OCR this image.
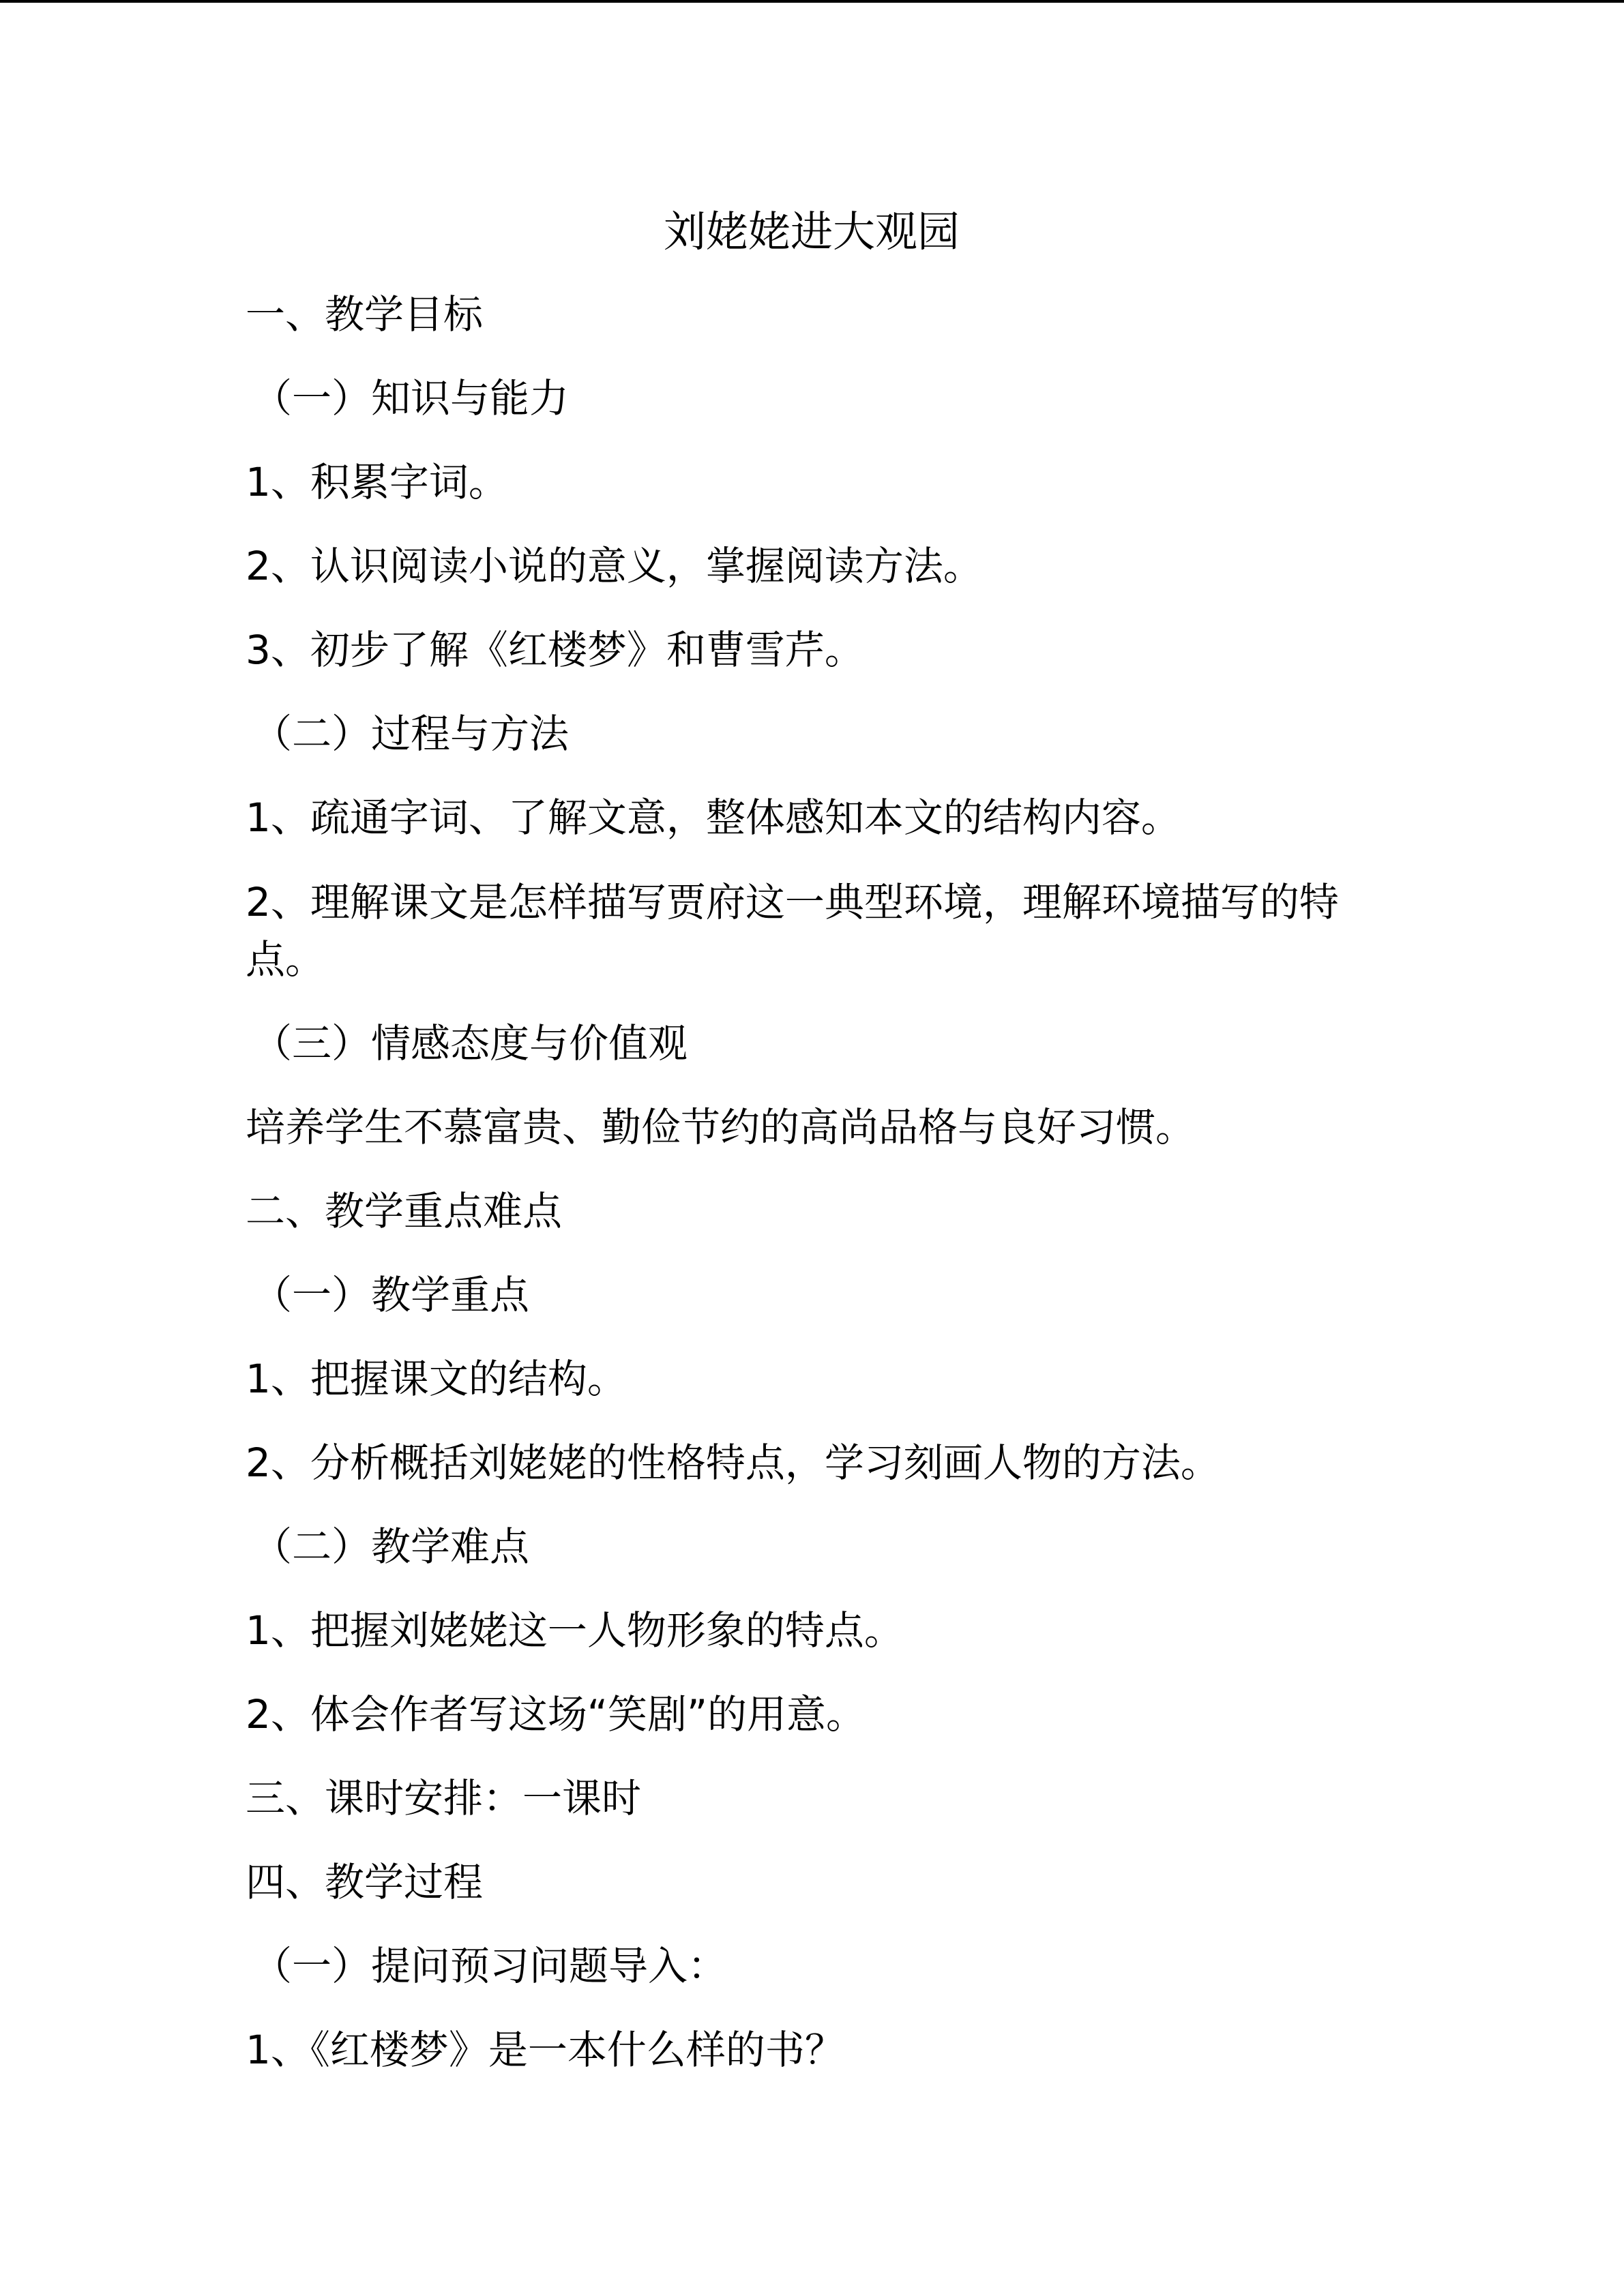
刘姥姥进大观园

一、教学目标

（一）知识与能力

1、积累字词。

2、认识阅读小说的意义，掌握阅读方法。

3、初步了解《红楼梦》和曹雪芹。

（二）过程与方法

1、疏通字词、了解文意，整体感知本文的结构内容。

2、理解课文是怎样描写贾府这一典型环境，理解环境描写的特点。

（三）情感态度与价值观

培养学生不慕富贵、勤俭节约的高尚品格与良好习惯。

二、教学重点难点

（一）教学重点

1、把握课文的结构。

2、分析概括刘姥姥的性格特点，学习刻画人物的方法。

（二）教学难点

1、把握刘姥姥这一人物形象的特点。

2、体会作者写这场“笑剧”的用意。

三、课时安排：一课时

四、教学过程

（一）提问预习问题导入：

1、《红楼梦》是一本什么样的书？
